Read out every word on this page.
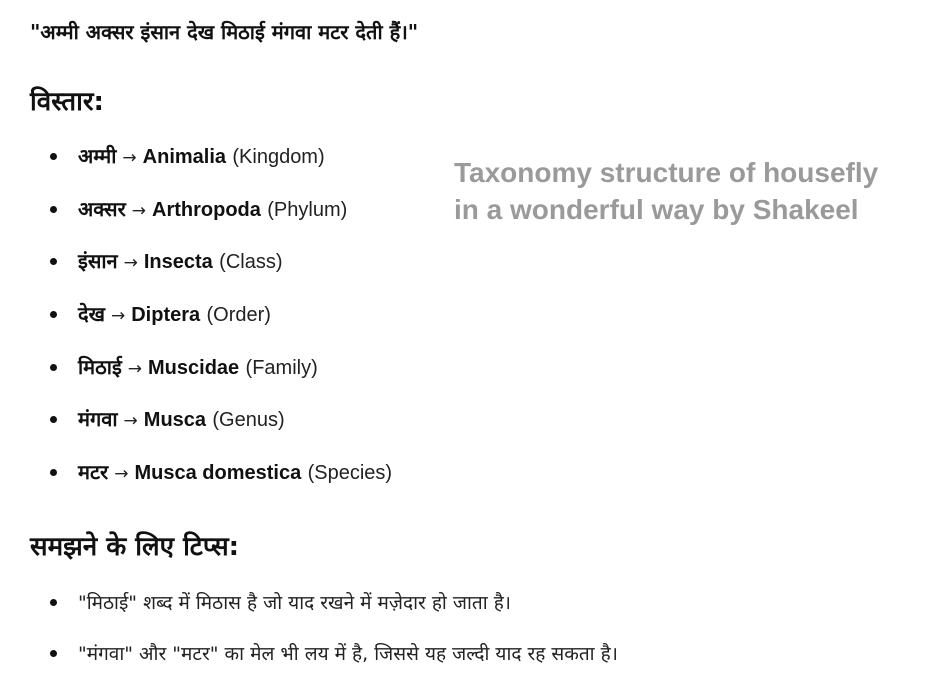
"अम्मी अक्सर इंसान देख मिठाई मंगवा मटर देती हैं।"
विस्तार:
अम्मी → Animalia (Kingdom)
अक्सर → Arthropoda (Phylum)
इंसान → Insecta (Class)
देख → Diptera (Order)
मिठाई → Muscidae (Family)
मंगवा → Musca (Genus)
मटर → Musca domestica (Species)
Taxonomy structure of housefly in a wonderful way by Shakeel
समझने के लिए टिप्स:
"मिठाई" शब्द में मिठास है जो याद रखने में मज़ेदार हो जाता है।
"मंगवा" और "मटर" का मेल भी लय में है, जिससे यह जल्दी याद रह सकता है।
